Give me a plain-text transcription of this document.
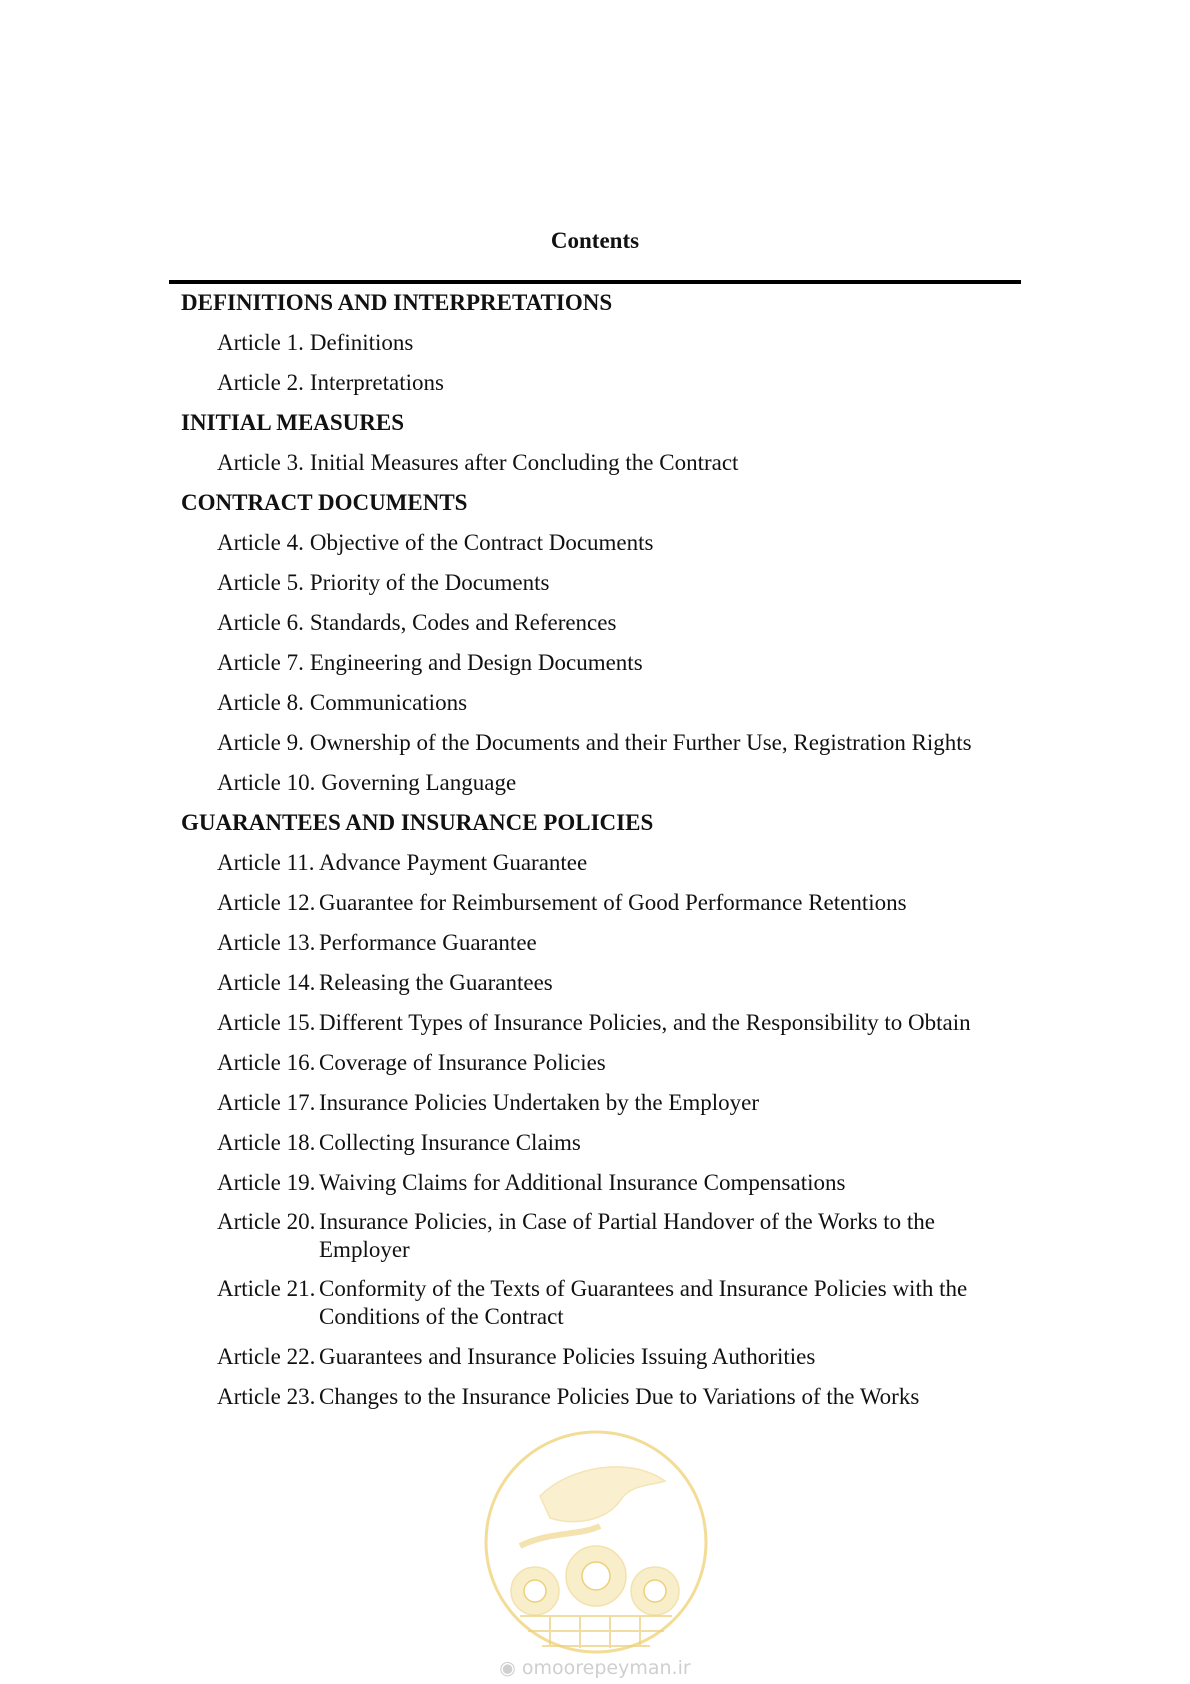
Contents
DEFINITIONS AND INTERPRETATIONS
Article 1. Definitions
Article 2. Interpretations
INITIAL MEASURES
Article 3. Initial Measures after Concluding the Contract
CONTRACT DOCUMENTS
Article 4. Objective of the Contract Documents
Article 5. Priority of the Documents
Article 6. Standards, Codes and References
Article 7. Engineering and Design Documents
Article 8. Communications
Article 9. Ownership of the Documents and their Further Use, Registration Rights
Article 10. Governing Language
GUARANTEES AND INSURANCE POLICIES
Article 11. Advance Payment Guarantee
Article 12. Guarantee for Reimbursement of Good Performance Retentions
Article 13. Performance Guarantee
Article 14. Releasing the Guarantees
Article 15. Different Types of Insurance Policies, and the Responsibility to Obtain
Article 16. Coverage of Insurance Policies
Article 17. Insurance Policies Undertaken by the Employer
Article 18. Collecting Insurance Claims
Article 19. Waiving Claims for Additional Insurance Compensations
Article 20. Insurance Policies, in Case of Partial Handover of the Works to the Employer
Article 21. Conformity of the Texts of Guarantees and Insurance Policies with the Conditions of the Contract
Article 22. Guarantees and Insurance Policies Issuing Authorities
Article 23. Changes to the Insurance Policies Due to Variations of the Works
◉ omoorepeyman.ir
